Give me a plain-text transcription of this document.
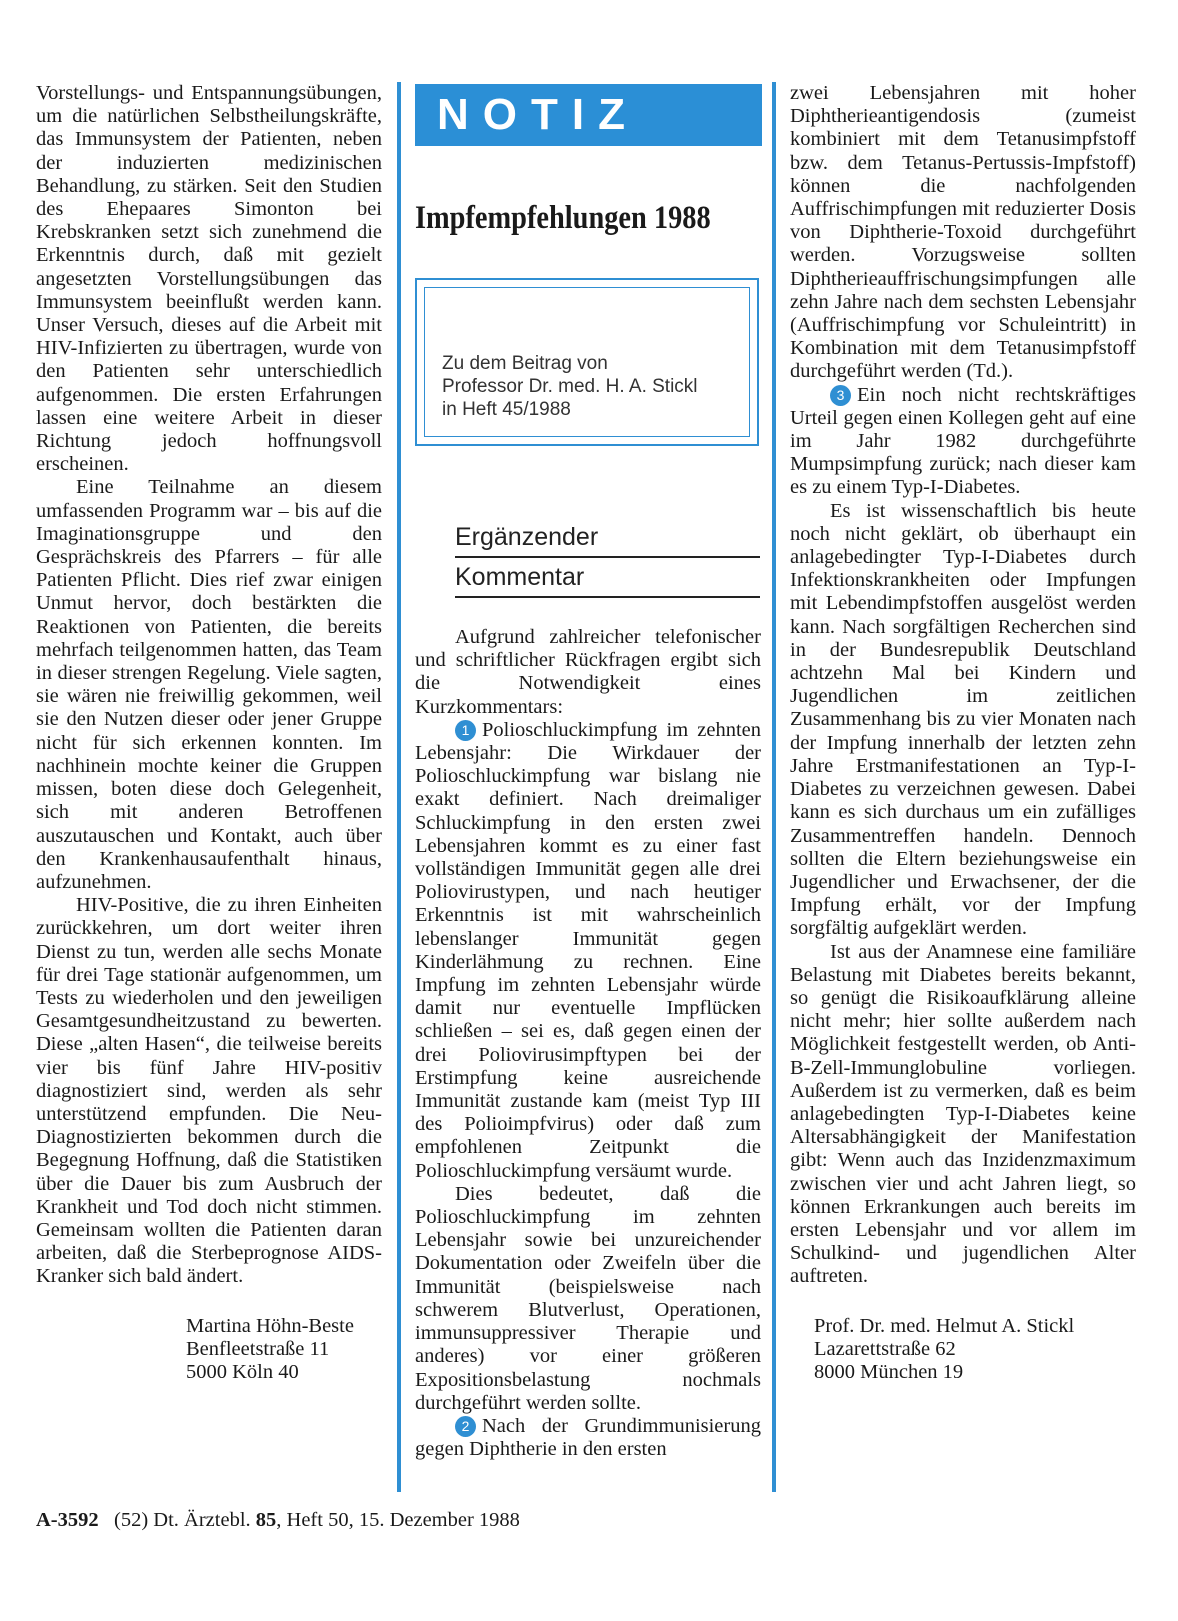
Vorstellungs- und Entspannungsübungen, um die natürlichen Selbstheilungskräfte, das Immunsystem der Patienten, neben der induzierten medizinischen Behandlung, zu stärken. Seit den Studien des Ehepaares Simonton bei Krebskranken setzt sich zunehmend die Erkenntnis durch, daß mit gezielt angesetzten Vorstellungsübungen das Immunsystem beeinflußt werden kann. Unser Versuch, dieses auf die Arbeit mit HIV-Infizierten zu übertragen, wurde von den Patienten sehr unterschiedlich aufgenommen. Die ersten Erfahrungen lassen eine weitere Arbeit in dieser Richtung jedoch hoffnungsvoll erscheinen.

Eine Teilnahme an diesem umfassenden Programm war – bis auf die Imaginationsgruppe und den Gesprächskreis des Pfarrers – für alle Patienten Pflicht. Dies rief zwar einigen Unmut hervor, doch bestärkten die Reaktionen von Patienten, die bereits mehrfach teilgenommen hatten, das Team in dieser strengen Regelung. Viele sagten, sie wären nie freiwillig gekommen, weil sie den Nutzen dieser oder jener Gruppe nicht für sich erkennen konnten. Im nachhinein mochte keiner die Gruppen missen, boten diese doch Gelegenheit, sich mit anderen Betroffenen auszutauschen und Kontakt, auch über den Krankenhausaufenthalt hinaus, aufzunehmen.

HIV-Positive, die zu ihren Einheiten zurückkehren, um dort weiter ihren Dienst zu tun, werden alle sechs Monate für drei Tage stationär aufgenommen, um Tests zu wiederholen und den jeweiligen Gesamtgesundheitzustand zu bewerten. Diese „alten Hasen“, die teilweise bereits vier bis fünf Jahre HIV-positiv diagnostiziert sind, werden als sehr unterstützend empfunden. Die Neu-Diagnostizierten bekommen durch die Begegnung Hoffnung, daß die Statistiken über die Dauer bis zum Ausbruch der Krankheit und Tod doch nicht stimmen. Gemeinsam wollten die Patienten daran arbeiten, daß die Sterbeprognose AIDS-Kranker sich bald ändert.

Martina Höhn-Beste
Benfleetstraße 11
5000 Köln 40
NOTIZ
Impfempfehlungen 1988
Zu dem Beitrag von
Professor Dr. med. H. A. Stickl
in Heft 45/1988
Ergänzender
Kommentar

Aufgrund zahlreicher telefonischer und schriftlicher Rückfragen ergibt sich die Notwendigkeit eines Kurzkommentars:

1 Polioschluckimpfung im zehnten Lebensjahr: Die Wirkdauer der Polioschluckimpfung war bislang nie exakt definiert. Nach dreimaliger Schluckimpfung in den ersten zwei Lebensjahren kommt es zu einer fast vollständigen Immunität gegen alle drei Poliovirustypen, und nach heutiger Erkenntnis ist mit wahrscheinlich lebenslanger Immunität gegen Kinderlähmung zu rechnen. Eine Impfung im zehnten Lebensjahr würde damit nur eventuelle Impflücken schließen – sei es, daß gegen einen der drei Poliovirusimpftypen bei der Erstimpfung keine ausreichende Immunität zustande kam (meist Typ III des Polioimpfvirus) oder daß zum empfohlenen Zeitpunkt die Polioschluckimpfung versäumt wurde.

Dies bedeutet, daß die Polioschluckimpfung im zehnten Lebensjahr sowie bei unzureichender Dokumentation oder Zweifeln über die Immunität (beispielsweise nach schwerem Blutverlust, Operationen, immunsuppressiver Therapie und anderes) vor einer größeren Expositionsbelastung nochmals durchgeführt werden sollte.

2 Nach der Grundimmunisierung gegen Diphtherie in den ersten

zwei Lebensjahren mit hoher Diphtherieantigendosis (zumeist kombiniert mit dem Tetanusimpfstoff bzw. dem Tetanus-Pertussis-Impfstoff) können die nachfolgenden Auffrischimpfungen mit reduzierter Dosis von Diphtherie-Toxoid durchgeführt werden. Vorzugsweise sollten Diphtherieauffrischungsimpfungen alle zehn Jahre nach dem sechsten Lebensjahr (Auffrischimpfung vor Schuleintritt) in Kombination mit dem Tetanusimpfstoff durchgeführt werden (Td.).

3 Ein noch nicht rechtskräftiges Urteil gegen einen Kollegen geht auf eine im Jahr 1982 durchgeführte Mumpsimpfung zurück; nach dieser kam es zu einem Typ-I-Diabetes.

Es ist wissenschaftlich bis heute noch nicht geklärt, ob überhaupt ein anlagebedingter Typ-I-Diabetes durch Infektionskrankheiten oder Impfungen mit Lebendimpfstoffen ausgelöst werden kann. Nach sorgfältigen Recherchen sind in der Bundesrepublik Deutschland achtzehn Mal bei Kindern und Jugendlichen im zeitlichen Zusammenhang bis zu vier Monaten nach der Impfung innerhalb der letzten zehn Jahre Erstmanifestationen an Typ-I-Diabetes zu verzeichnen gewesen. Dabei kann es sich durchaus um ein zufälliges Zusammentreffen handeln. Dennoch sollten die Eltern beziehungsweise ein Jugendlicher und Erwachsener, der die Impfung erhält, vor der Impfung sorgfältig aufgeklärt werden.

Ist aus der Anamnese eine familiäre Belastung mit Diabetes bereits bekannt, so genügt die Risikoaufklärung alleine nicht mehr; hier sollte außerdem nach Möglichkeit festgestellt werden, ob Anti-B-Zell-Immunglobuline vorliegen. Außerdem ist zu vermerken, daß es beim anlagebedingten Typ-I-Diabetes keine Altersabhängigkeit der Manifestation gibt: Wenn auch das Inzidenzmaximum zwischen vier und acht Jahren liegt, so können Erkrankungen auch bereits im ersten Lebensjahr und vor allem im Schulkind- und jugendlichen Alter auftreten.

Prof. Dr. med. Helmut A. Stickl
Lazarettstraße 62
8000 München 19
A-3592 (52) Dt. Ärztebl. 85, Heft 50, 15. Dezember 1988
